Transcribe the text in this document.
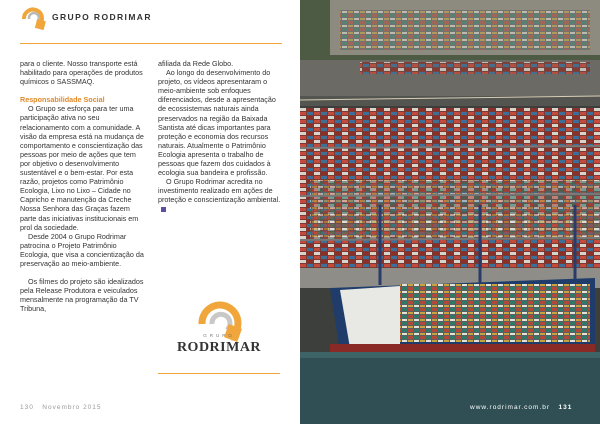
GRUPO RODRIMAR

para o cliente. Nosso transporte está habilitado para operações de produtos químicos o SASSMAQ.

Responsabilidade Social

O Grupo se esforça para ter uma participação ativa no seu relacionamento com a comunidade. A visão da empresa está na mudança de comportamento e conscientização das pessoas por meio de ações que tem por objetivo o desenvolvimento sustentável e o bem-estar. Por esta razão, projetos como Patrimônio Ecologia, Lixo no Lixo – Cidade no Capricho e manutenção da Creche Nossa Senhora das Graças fazem parte das iniciativas institucionais em prol da sociedade.

Desde 2004 o Grupo Rodrimar patrocina o Projeto Patrimônio Ecologia, que visa a concientização da preservação ao meio-ambiente.

Os filmes do projeto são idealizados pela Release Produtora e veiculados mensalmente na programação da TV Tribuna,

afiliada da Rede Globo.

Ao longo do desenvolvimento do projeto, os vídeos apresentaram o meio-ambiente sob enfoques diferenciados, desde a apresentação de ecossistemas naturais ainda preservados na região da Baixada Santista até dicas importantes para proteção e economia dos recursos naturais. Atualmente o Patrimônio Ecologia apresenta o trabalho de pessoas que fazem dos cuidados à ecologia sua bandeira e profissão.

O Grupo Rodrimar acredita no investimento realizado em ações de proteção e conscientização ambiental.

GRUPO
RODRIMAR
130 Novembro 2015	www.rodrimar.com.br 131
